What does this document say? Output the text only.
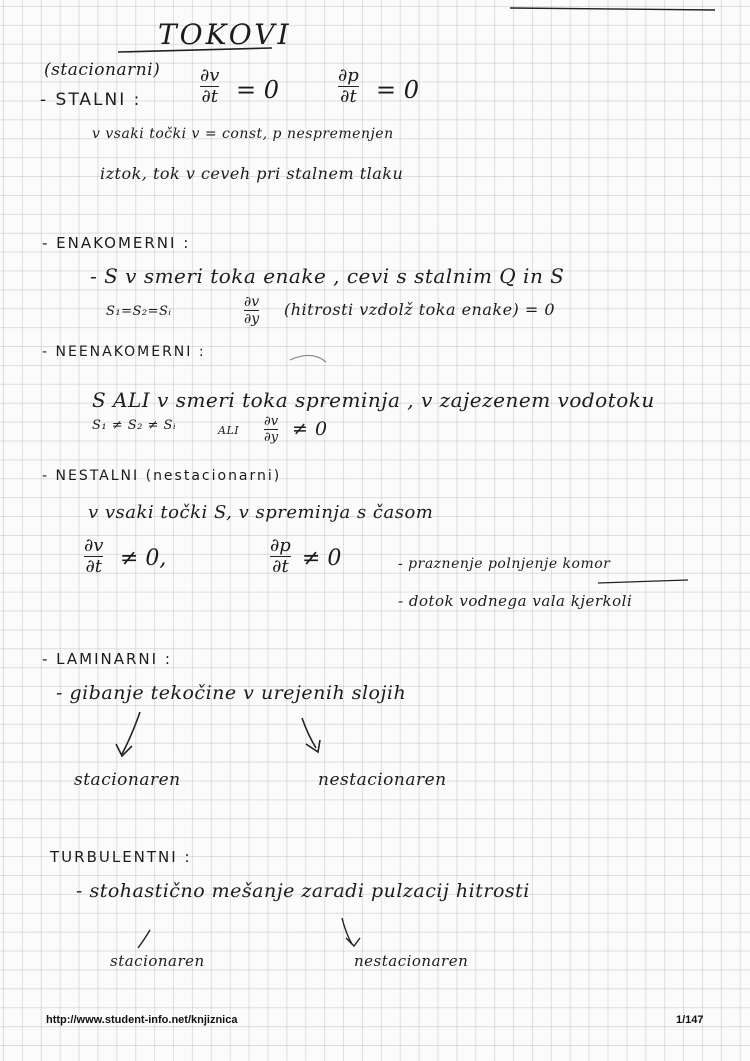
TOKOVI
(stacionarni)
- STALNI :
∂v
∂t = 0
∂p
∂t = 0
v vsaki točki v = const, p nespremenjen
iztok, tok v ceveh pri stalnem tlaku
- ENAKOMERNI :
- S v smeri toka enake , cevi s stalnim Q in S
S₁=S₂=Sᵢ
∂v
∂y (hitrosti vzdolž toka enake) = 0
- NEENAKOMERNI :
S ALI v smeri toka spreminja , v zajezenem vodotoku
S₁ ≠ S₂ ≠ Sᵢ	ALI
∂v
∂y ≠ 0
- NESTALNI (nestacionarni)
v vsaki točki S, v spreminja s časom
∂v
∂t ≠ 0,
∂p
∂t ≠ 0	- praznenje polnjenje komor
- dotok vodnega vala kjerkoli
- LAMINARNI :
- gibanje tekočine v urejenih slojih
stacionaren	nestacionaren
TURBULENTNI :
- stohastično mešanje zaradi pulzacij hitrosti
stacionaren	nestacionaren
http://www.student-info.net/knjiznica	1/147
